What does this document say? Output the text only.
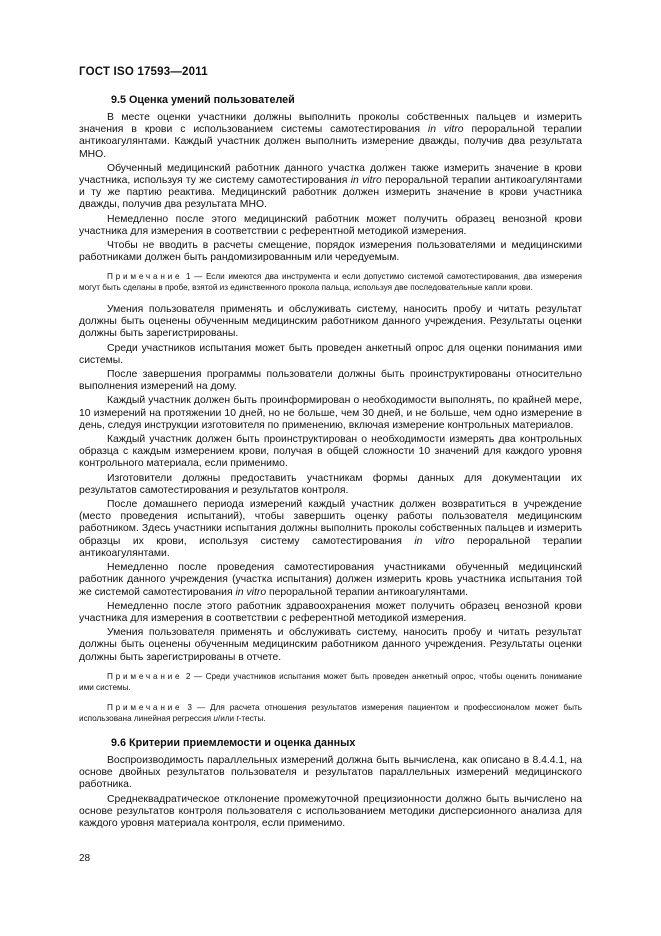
ГОСТ ISO 17593—2011
9.5 Оценка умений пользователей

В месте оценки участники должны выполнить проколы собственных пальцев и измерить значения в крови с использованием системы самотестирования in vitro пероральной терапии антикоагулянтами. Каждый участник должен выполнить измерение дважды, получив два результата МНО.

Обученный медицинский работник данного участка должен также измерить значение в крови участника, используя ту же систему самотестирования in vitro пероральной терапии антикоагулянтами и ту же партию реактива. Медицинский работник должен измерить значение в крови участника дважды, получив два результата МНО.

Немедленно после этого медицинский работник может получить образец венозной крови участника для измерения в соответствии с референтной методикой измерения.

Чтобы не вводить в расчеты смещение, порядок измерения пользователями и медицинскими работниками должен быть рандомизированным или чередуемым.

Примечание 1 — Если имеются два инструмента и если допустимо системой самотестирования, два измерения могут быть сделаны в пробе, взятой из единственного прокола пальца, используя две последовательные капли крови.

Умения пользователя применять и обслуживать систему, наносить пробу и читать результат должны быть оценены обученным медицинским работником данного учреждения. Результаты оценки должны быть зарегистрированы.

Среди участников испытания может быть проведен анкетный опрос для оценки понимания ими системы.

После завершения программы пользователи должны быть проинструктированы относительно выполнения измерений на дому.

Каждый участник должен быть проинформирован о необходимости выполнять, по крайней мере, 10 измерений на протяжении 10 дней, но не больше, чем 30 дней, и не больше, чем одно измерение в день, следуя инструкции изготовителя по применению, включая измерение контрольных материалов.

Каждый участник должен быть проинструктирован о необходимости измерять два контрольных образца с каждым измерением крови, получая в общей сложности 10 значений для каждого уровня контрольного материала, если применимо.

Изготовители должны предоставить участникам формы данных для документации их результатов самотестирования и результатов контроля.

После домашнего периода измерений каждый участник должен возвратиться в учреждение (место проведения испытаний), чтобы завершить оценку работы пользователя медицинским работником. Здесь участники испытания должны выполнить проколы собственных пальцев и измерить образцы их крови, используя систему самотестирования in vitro пероральной терапии антикоагулянтами.

Немедленно после проведения самотестирования участниками обученный медицинский работник данного учреждения (участка испытания) должен измерить кровь участника испытания той же системой самотестирования in vitro пероральной терапии антикоагулянтами.

Немедленно после этого работник здравоохранения может получить образец венозной крови участника для измерения в соответствии с референтной методикой измерения.

Умения пользователя применять и обслуживать систему, наносить пробу и читать результат должны быть оценены обученным медицинским работником данного учреждения. Результаты оценки должны быть зарегистрированы в отчете.

Примечание 2 — Среди участников испытания может быть проведен анкетный опрос, чтобы оценить понимание ими системы.

Примечание 3 — Для расчета отношения результатов измерения пациентом и профессионалом может быть использована линейная регрессия и/или t-тесты.

9.6 Критерии приемлемости и оценка данных

Воспроизводимость параллельных измерений должна быть вычислена, как описано в 8.4.4.1, на основе двойных результатов пользователя и результатов параллельных измерений медицинского работника.

Среднеквадратическое отклонение промежуточной прецизионности должно быть вычислено на основе результатов контроля пользователя с использованием методики дисперсионного анализа для каждого уровня материала контроля, если применимо.

28
